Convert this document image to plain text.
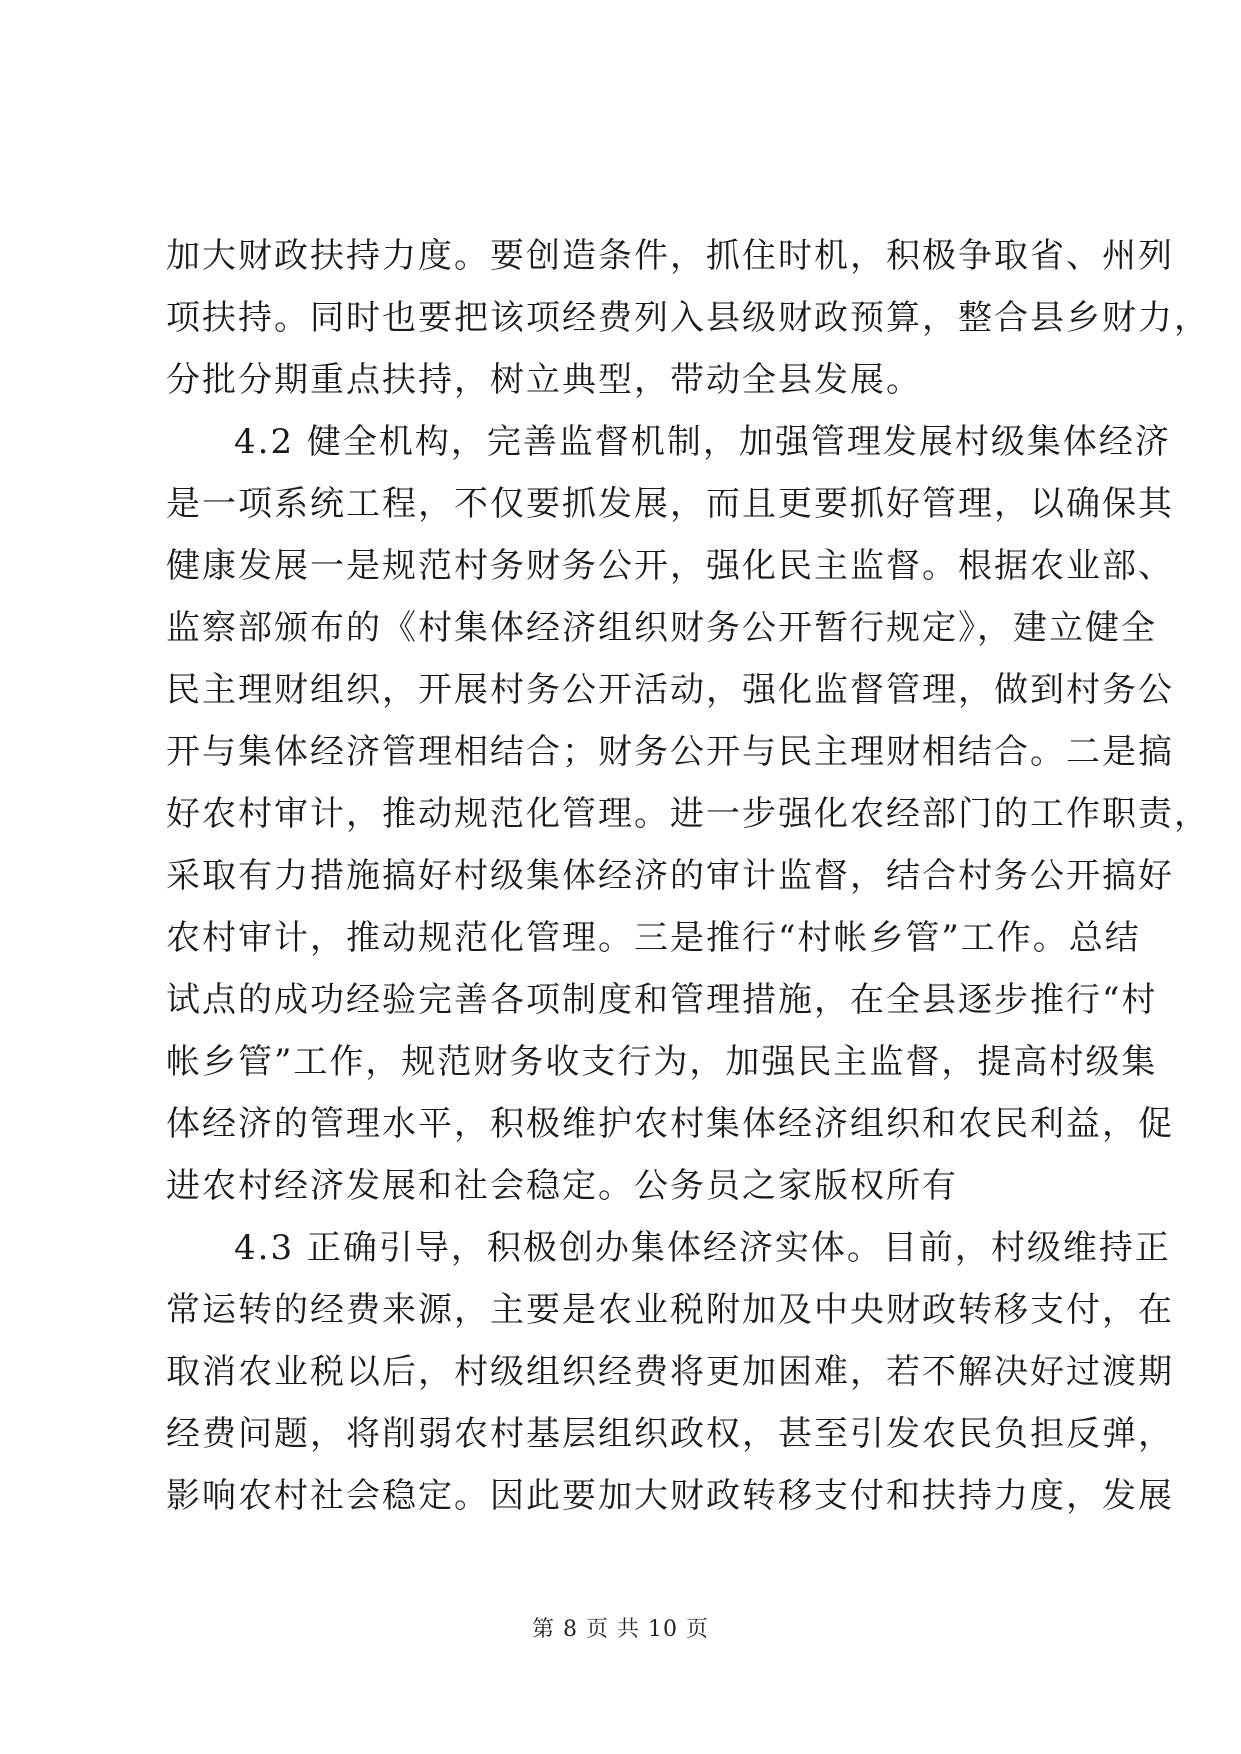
加大财政扶持力度。要创造条件，抓住时机，积极争取省、州列
项扶持。同时也要把该项经费列入县级财政预算，整合县乡财力，
分批分期重点扶持，树立典型，带动全县发展。
4.2 健全机构，完善监督机制，加强管理发展村级集体经济
是一项系统工程，不仅要抓发展，而且更要抓好管理，以确保其
健康发展一是规范村务财务公开，强化民主监督。根据农业部、
监察部颁布的《村集体经济组织财务公开暂行规定》，建立健全
民主理财组织，开展村务公开活动，强化监督管理，做到村务公
开与集体经济管理相结合；财务公开与民主理财相结合。二是搞
好农村审计，推动规范化管理。进一步强化农经部门的工作职责，
采取有力措施搞好村级集体经济的审计监督，结合村务公开搞好
农村审计，推动规范化管理。三是推行“村帐乡管”工作。总结
试点的成功经验完善各项制度和管理措施，在全县逐步推行“村
帐乡管”工作，规范财务收支行为，加强民主监督，提高村级集
体经济的管理水平，积极维护农村集体经济组织和农民利益，促
进农村经济发展和社会稳定。公务员之家版权所有
4.3 正确引导，积极创办集体经济实体。目前，村级维持正
常运转的经费来源，主要是农业税附加及中央财政转移支付，在
取消农业税以后，村级组织经费将更加困难，若不解决好过渡期
经费问题，将削弱农村基层组织政权，甚至引发农民负担反弹，
影响农村社会稳定。因此要加大财政转移支付和扶持力度，发展
第 8 页 共 10 页
